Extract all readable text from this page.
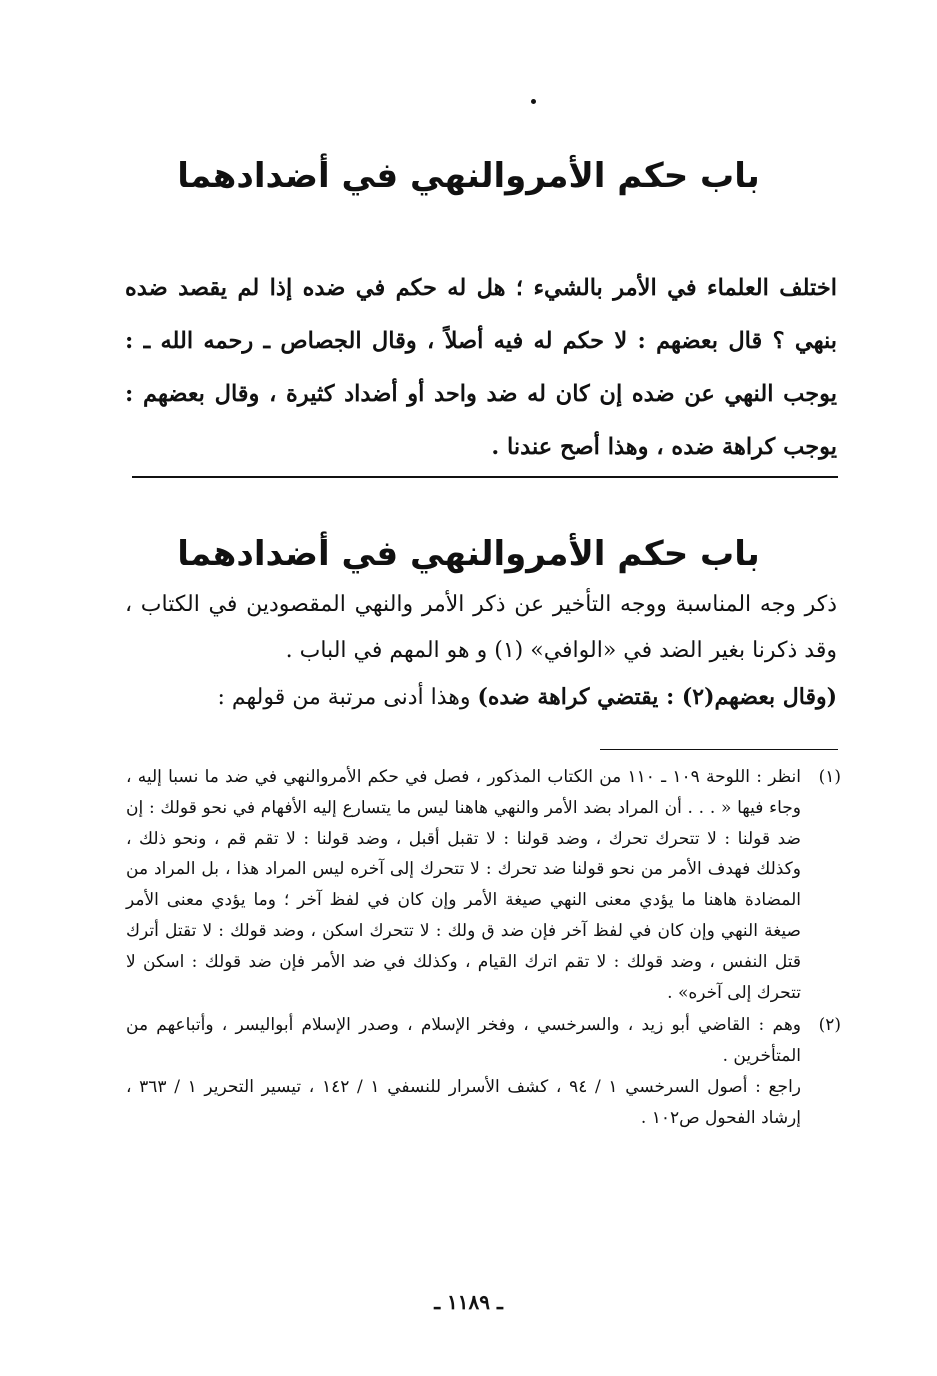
باب حكم الأمروالنهي في أضدادهما
اختلف العلماء في الأمر بالشيء ؛ هل له حكم في ضده إذا لم يقصد ضده بنهي ؟ قال بعضهم : لا حكم له فيه أصلاً ، وقال الجصاص ـ رحمه الله ـ : يوجب النهي عن ضده إن كان له ضد واحد أو أضداد كثيرة ، وقال بعضهم : يوجب كراهة ضده ، وهذا أصح عندنا .
باب حكم الأمروالنهي في أضدادهما

ذكر وجه المناسبة ووجه التأخير عن ذكر الأمر والنهي المقصودين في الكتاب ، وقد ذكرنا بغير الضد في «الوافي» (١) و هو المهم في الباب .

(وقال بعضهم(٢) : يقتضي كراهة ضده) وهذا أدنى مرتبة من قولهم :

(١)

انظر : اللوحة ١٠٩ ـ ١١٠ من الكتاب المذكور ، فصل في حكم الأمروالنهي في ضد ما نسبا إليه ، وجاء فيها « . . . أن المراد بضد الأمر والنهي هاهنا ليس ما يتسارع إليه الأفهام في نحو قولك : إن ضد قولنا : لا تتحرك تحرك ، وضد قولنا : لا تقبل أقبل ، وضد قولنا : لا تقم قم ، ونحو ذلك ، وكذلك فهدف الأمر من نحو قولنا ضد تحرك : لا تتحرك إلى آخره ليس المراد هذا ، بل المراد من المضادة هاهنا ما يؤدي معنى النهي صيغة الأمر وإن كان في لفظ آخر ؛ وما يؤدي معنى الأمر صيغة النهي وإن كان في لفظ آخر فإن ضد ق ولك : لا تتحرك اسكن ، وضد قولك : لا تقتل أترك قتل النفس ، وضد قولك : لا تقم اترك القيام ، وكذلك في ضد الأمر فإن ضد قولك : اسكن لا تتحرك إلى آخره» .

(٢)

وهم : القاضي أبو زيد ، والسرخسي ، وفخر الإسلام ، وصدر الإسلام أبواليسر ، وأتباعهم من المتأخرين .

راجع : أصول السرخسي ١ / ٩٤ ، كشف الأسرار للنسفي ١ / ١٤٢ ، تيسير التحرير ١ / ٣٦٣ ، إرشاد الفحول ص١٠٢ .

ـ ١١٨٩ ـ
